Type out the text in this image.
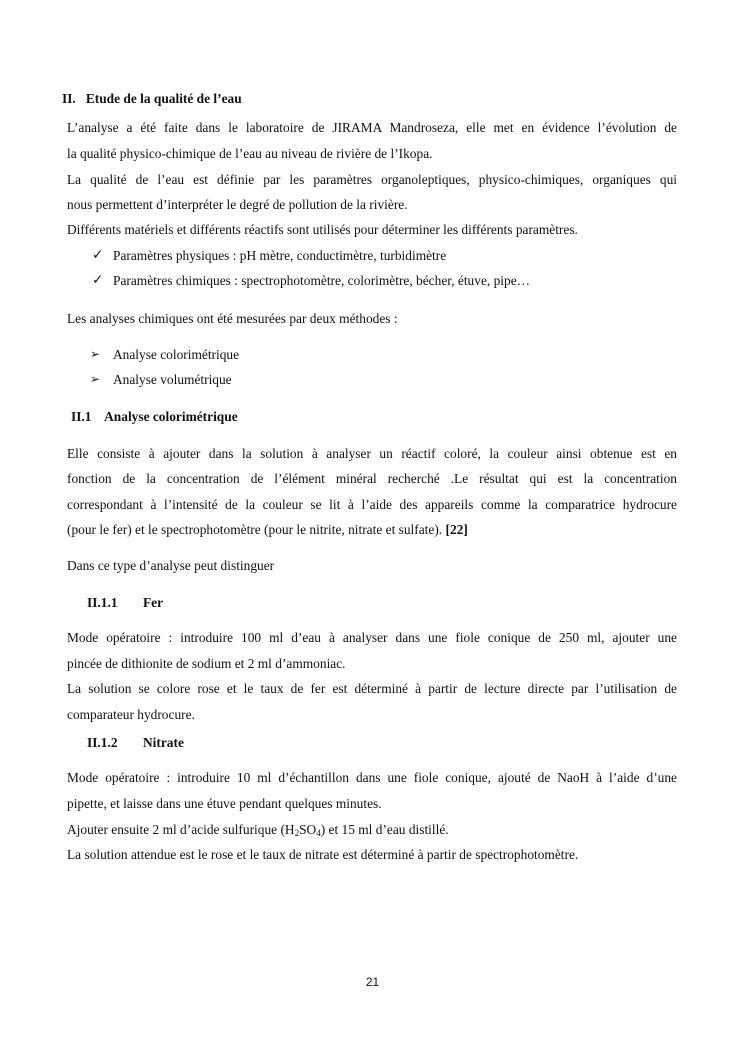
II. Etude de la qualité de l’eau
L’analyse a été faite dans le laboratoire de JIRAMA Mandroseza, elle met en évidence l’évolution de
la qualité physico-chimique de l’eau au niveau de rivière de l’Ikopa.
La qualité de l’eau est définie par les paramètres organoleptiques, physico-chimiques, organiques qui
nous permettent d’interpréter le degré de pollution de la rivière.
Différents matériels et différents réactifs sont utilisés pour déterminer les différents paramètres.
✓ Paramètres physiques : pH mètre, conductimètre, turbidimètre
✓ Paramètres chimiques : spectrophotomètre, colorimètre, bécher, étuve, pipe…
Les analyses chimiques ont été mesurées par deux méthodes :
➢ Analyse colorimétrique
➢ Analyse volumétrique
II.1 Analyse colorimétrique
Elle consiste à ajouter dans la solution à analyser un réactif coloré, la couleur ainsi obtenue est en
fonction de la concentration de l’élément minéral recherché .Le résultat qui est la concentration
correspondant à l’intensité de la couleur se lit à l’aide des appareils comme la comparatrice hydrocure
(pour le fer) et le spectrophotomètre (pour le nitrite, nitrate et sulfate). [22]
Dans ce type d’analyse peut distinguer
II.1.1 Fer
Mode opératoire : introduire 100 ml d’eau à analyser dans une fiole conique de 250 ml, ajouter une
pincée de dithionite de sodium et 2 ml d’ammoniac.
La solution se colore rose et le taux de fer est déterminé à partir de lecture directe par l’utilisation de
comparateur hydrocure.
II.1.2 Nitrate
Mode opératoire : introduire 10 ml d’échantillon dans une fiole conique, ajouté de NaoH à l’aide d’une
pipette, et laisse dans une étuve pendant quelques minutes.
Ajouter ensuite 2 ml d’acide sulfurique $(H_2SO_4)$ et 15 ml d’eau distillé.
La solution attendue est le rose et le taux de nitrate est déterminé à partir de spectrophotomètre.
21
